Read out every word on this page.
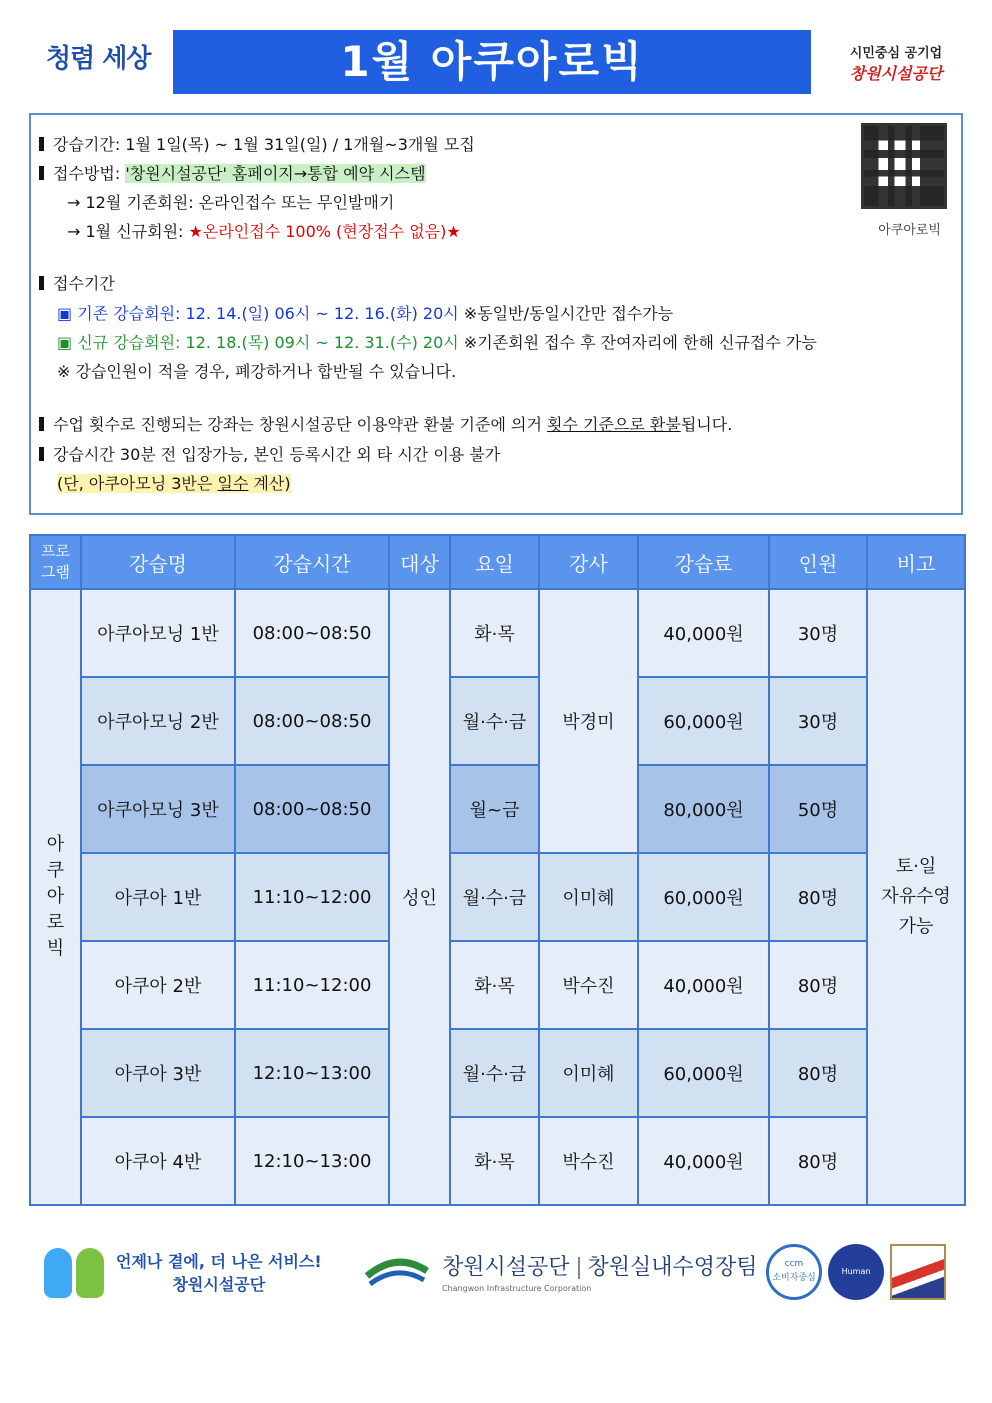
청렴 세상	1월 아쿠아로빅	시민중심 공기업
창원시설공단
강습기간: 1월 1일(목) ~ 1월 31일(일) / 1개월~3개월 모집
접수방법: '창원시설공단' 홈페이지→통합 예약 시스템
→ 12월 기존회원: 온라인접수 또는 무인발매기
→ 1월 신규회원: ★온라인접수 100% (현장접수 없음)★
접수기간
▣ 기존 강습회원: 12. 14.(일) 06시 ~ 12. 16.(화) 20시 ※동일반/동일시간만 접수가능
▣ 신규 강습회원: 12. 18.(목) 09시 ~ 12. 31.(수) 20시 ※기존회원 접수 후 잔여자리에 한해 신규접수 가능
※ 강습인원이 적을 경우, 폐강하거나 합반될 수 있습니다.
수업 횟수로 진행되는 강좌는 창원시설공단 이용약관 환불 기준에 의거 횟수 기준으로 환불됩니다.
강습시간 30분 전 입장가능, 본인 등록시간 외 타 시간 이용 불가
(단, 아쿠아모닝 3반은 일수 계산)
아쿠아로빅
프로
그램	강습명	강습시간	대상	요일	강사	강습료	인원	비고
아
쿠
아
로
빅	아쿠아모닝 1반	08:00~08:50	성인	화·목	박경미	40,000원	30명	토·일
자유수영
가능
	아쿠아모닝 2반	08:00~08:50		월·수·금		60,000원	30명	
	아쿠아모닝 3반	08:00~08:50		월~금		80,000원	50명	
	아쿠아 1반	11:10~12:00		월·수·금	이미혜	60,000원	80명	
	아쿠아 2반	11:10~12:00		화·목	박수진	40,000원	80명	
	아쿠아 3반	12:10~13:00		월·수·금	이미혜	60,000원	80명	
	아쿠아 4반	12:10~13:00		화·목	박수진	40,000원	80명	
언제나 곁에, 더 나은 서비스!
창원시설공단
창원시설공단 창원실내수영장팀
Changwon Infrastructure Corporation
ccm
소비자중심
Human Rights
